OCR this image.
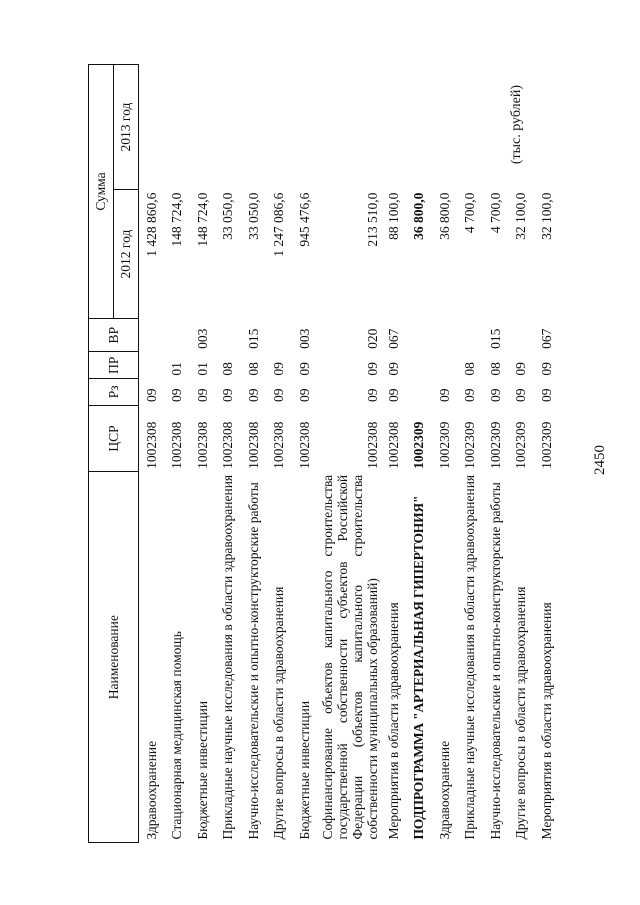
2450
(тыс. рублей)
Наименование	ЦСР	Рз	ПР	ВР	Сумма	
					2012 год	2013 год
Здравоохранение	1002308	09			1 428 860,6	
Стационарная медицинская помощь	1002308	09	01		148 724,0	
Бюджетные инвестиции	1002308	09	01	003	148 724,0	
Прикладные научные исследования в области здравоохранения	1002308	09	08		33 050,0	
Научно-исследовательские и опытно-конструкторские работы	1002308	09	08	015	33 050,0	
Другие вопросы в области здравоохранения	1002308	09	09		1 247 086,6	
Бюджетные инвестиции	1002308	09	09	003	945 476,6	
Софинансирование объектов капитального строительства государственной собственности субъектов Российской Федерации (объектов капитального строительства собственности муниципальных образований)	1002308	09	09	020	213 510,0	
Мероприятия в области здравоохранения	1002308	09	09	067	88 100,0	
ПОДПРОГРАММА "АРТЕРИАЛЬНАЯ ГИПЕРТОНИЯ"	1002309				36 800,0	
Здравоохранение	1002309	09			36 800,0	
Прикладные научные исследования в области здравоохранения	1002309	09	08		4 700,0	
Научно-исследовательские и опытно-конструкторские работы	1002309	09	08	015	4 700,0	
Другие вопросы в области здравоохранения	1002309	09	09		32 100,0	
Мероприятия в области здравоохранения	1002309	09	09	067	32 100,0	
